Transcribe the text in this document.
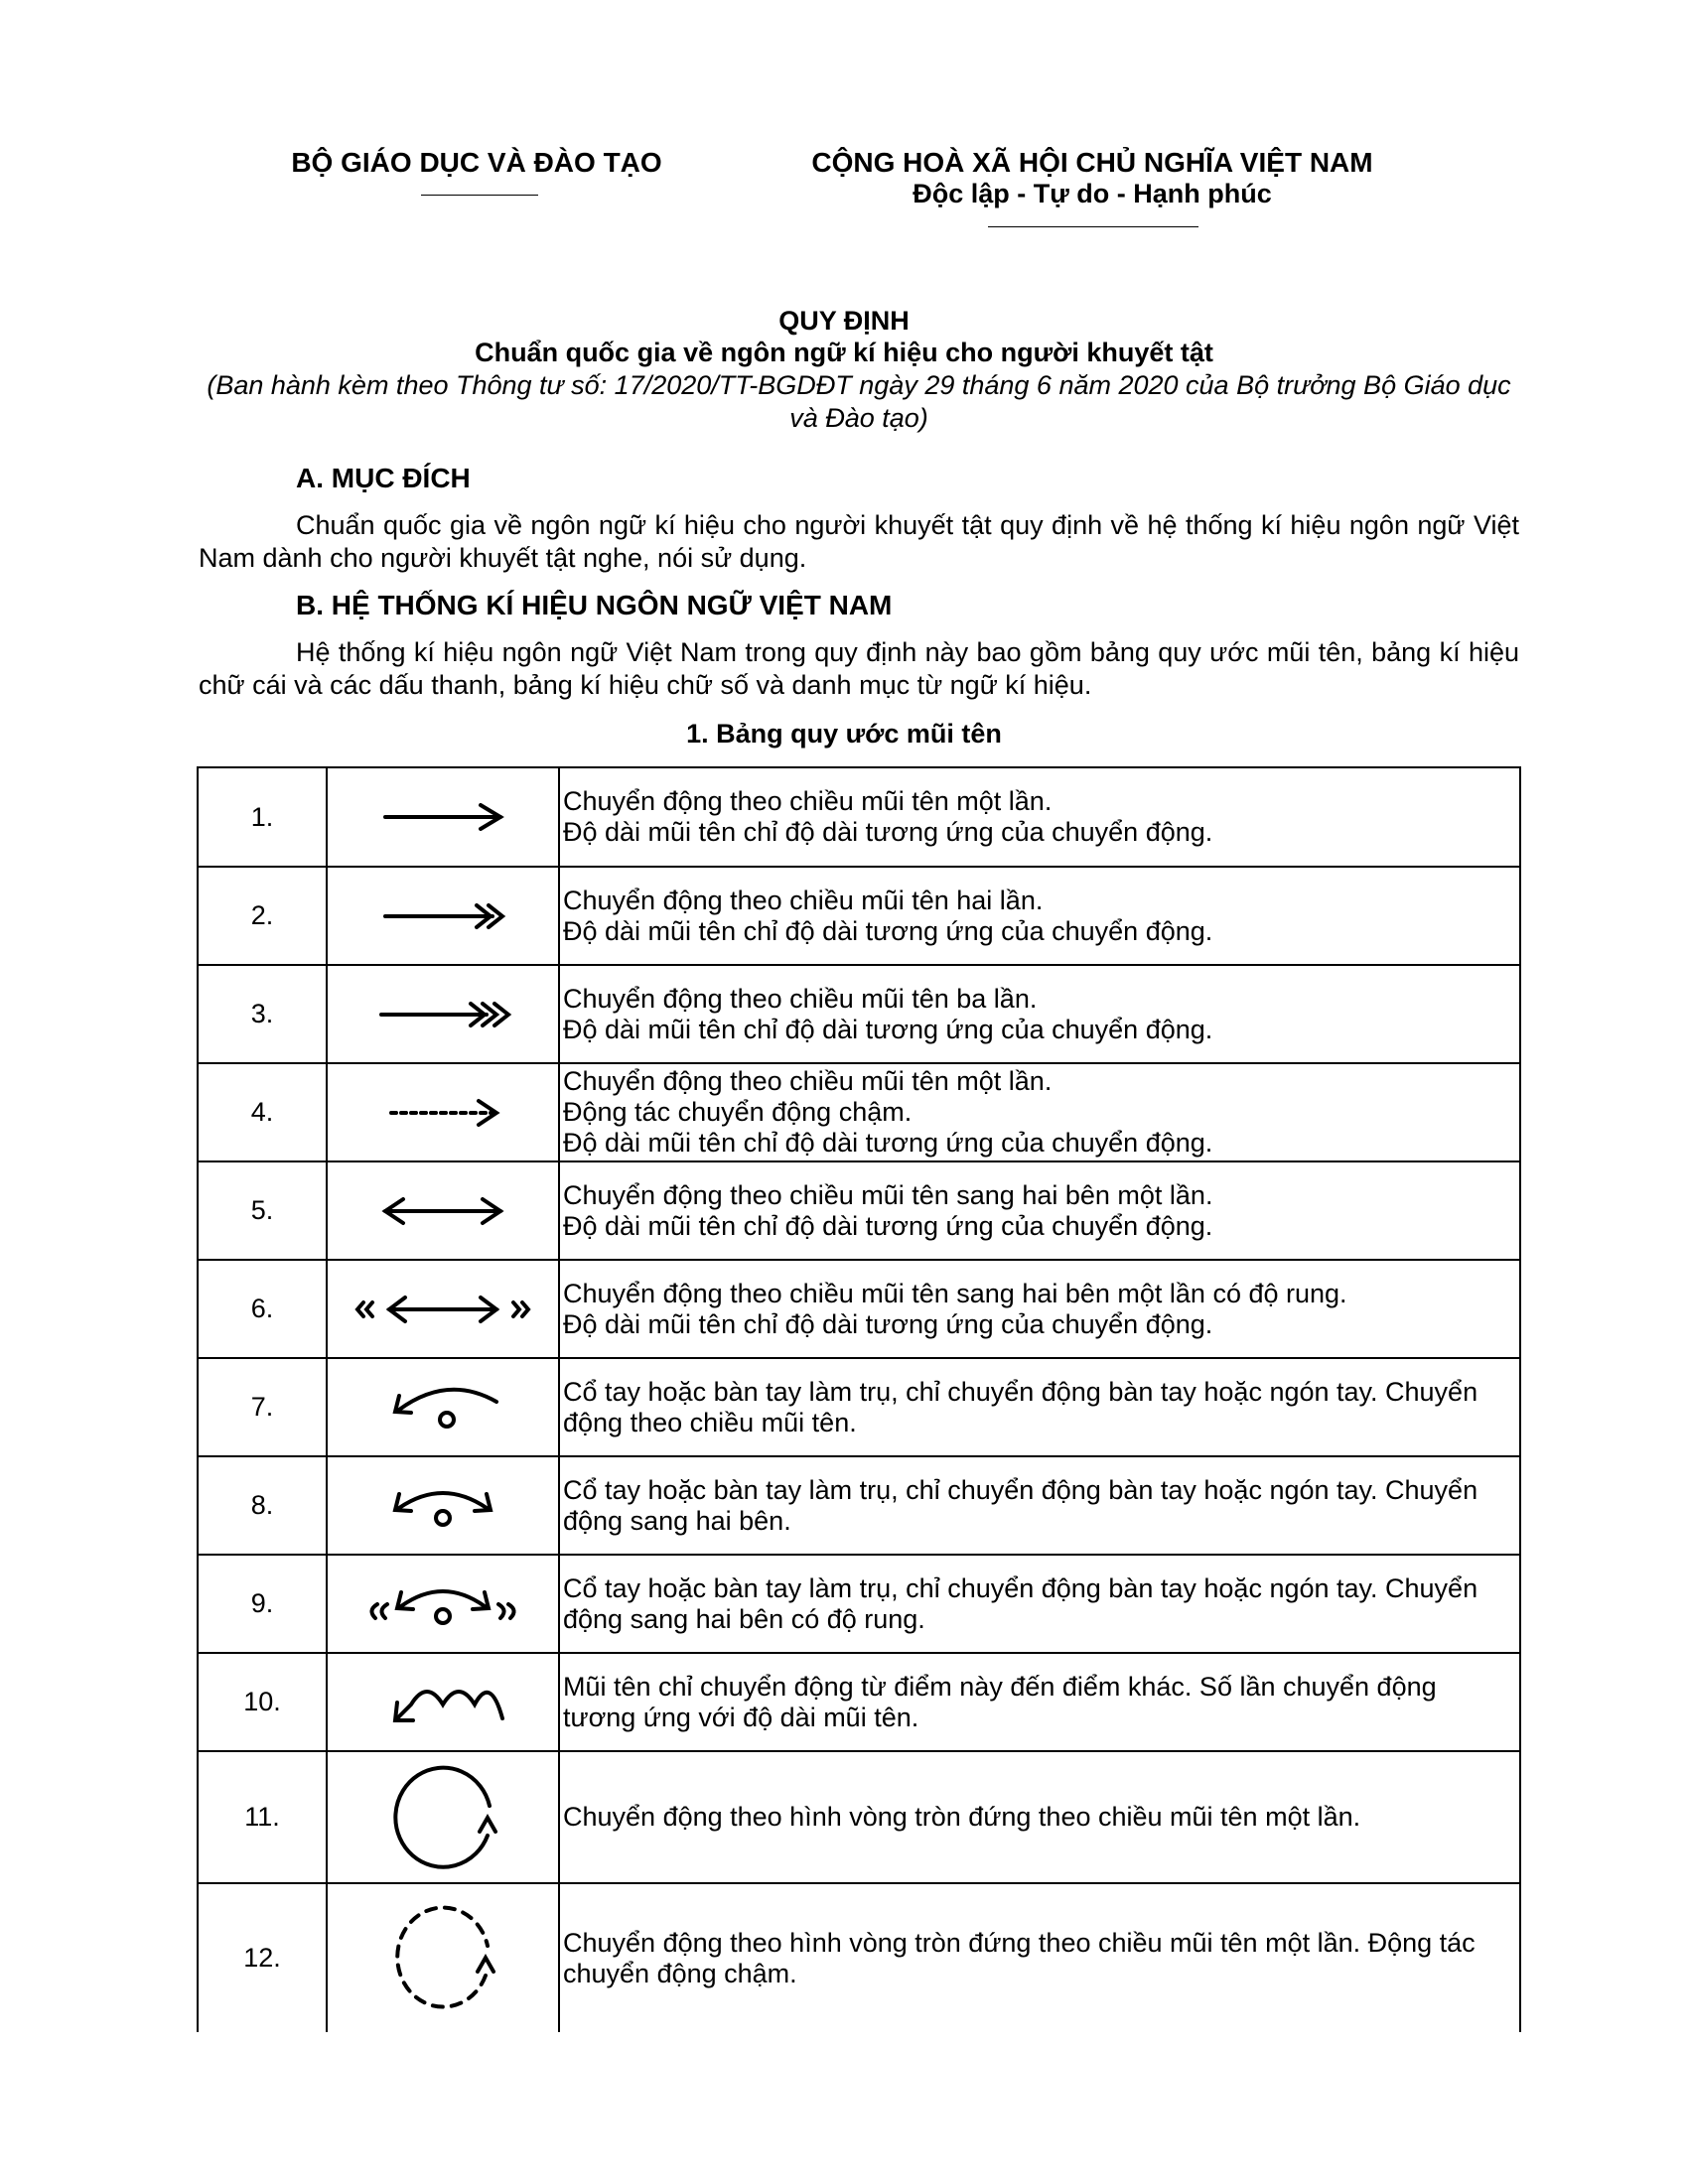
BỘ GIÁO DỤC VÀ ĐÀO TẠO	CỘNG HOÀ XÃ HỘI CHỦ NGHĨA VIỆT NAM
Độc lập - Tự do - Hạnh phúc
QUY ĐỊNH
Chuẩn quốc gia về ngôn ngữ kí hiệu cho người khuyết tật
(Ban hành kèm theo Thông tư số: 17/2020/TT-BGDĐT ngày 29 tháng 6 năm 2020 của Bộ trưởng Bộ Giáo dục và Đào tạo)
A. MỤC ĐÍCH
Chuẩn quốc gia về ngôn ngữ kí hiệu cho người khuyết tật quy định về hệ thống kí hiệu ngôn ngữ Việt Nam dành cho người khuyết tật nghe, nói sử dụng.
B. HỆ THỐNG KÍ HIỆU NGÔN NGỮ VIỆT NAM
Hệ thống kí hiệu ngôn ngữ Việt Nam trong quy định này bao gồm bảng quy ước mũi tên, bảng kí hiệu chữ cái và các dấu thanh, bảng kí hiệu chữ số và danh mục từ ngữ kí hiệu.
1. Bảng quy ước mũi tên
1.		Chuyển động theo chiều mũi tên một lần.
Độ dài mũi tên chỉ độ dài tương ứng của chuyển động.

2.		Chuyển động theo chiều mũi tên hai lần.
Độ dài mũi tên chỉ độ dài tương ứng của chuyển động.

3.		Chuyển động theo chiều mũi tên ba lần.
Độ dài mũi tên chỉ độ dài tương ứng của chuyển động.

4.		Chuyển động theo chiều mũi tên một lần.
Động tác chuyển động chậm.
Độ dài mũi tên chỉ độ dài tương ứng của chuyển động.

5.		Chuyển động theo chiều mũi tên sang hai bên một lần.
Độ dài mũi tên chỉ độ dài tương ứng của chuyển động.

6.		Chuyển động theo chiều mũi tên sang hai bên một lần có độ rung.
Độ dài mũi tên chỉ độ dài tương ứng của chuyển động.

7.		Cổ tay hoặc bàn tay làm trụ, chỉ chuyển động bàn tay hoặc ngón tay. Chuyển động theo chiều mũi tên.

8.		Cổ tay hoặc bàn tay làm trụ, chỉ chuyển động bàn tay hoặc ngón tay. Chuyển động sang hai bên.

9.		Cổ tay hoặc bàn tay làm trụ, chỉ chuyển động bàn tay hoặc ngón tay. Chuyển động sang hai bên có độ rung.

10.		Mũi tên chỉ chuyển động từ điểm này đến điểm khác. Số lần chuyển động tương ứng với độ dài mũi tên.

11.		Chuyển động theo hình vòng tròn đứng theo chiều mũi tên một lần.

12.		Chuyển động theo hình vòng tròn đứng theo chiều mũi tên một lần. Động tác chuyển động chậm.
